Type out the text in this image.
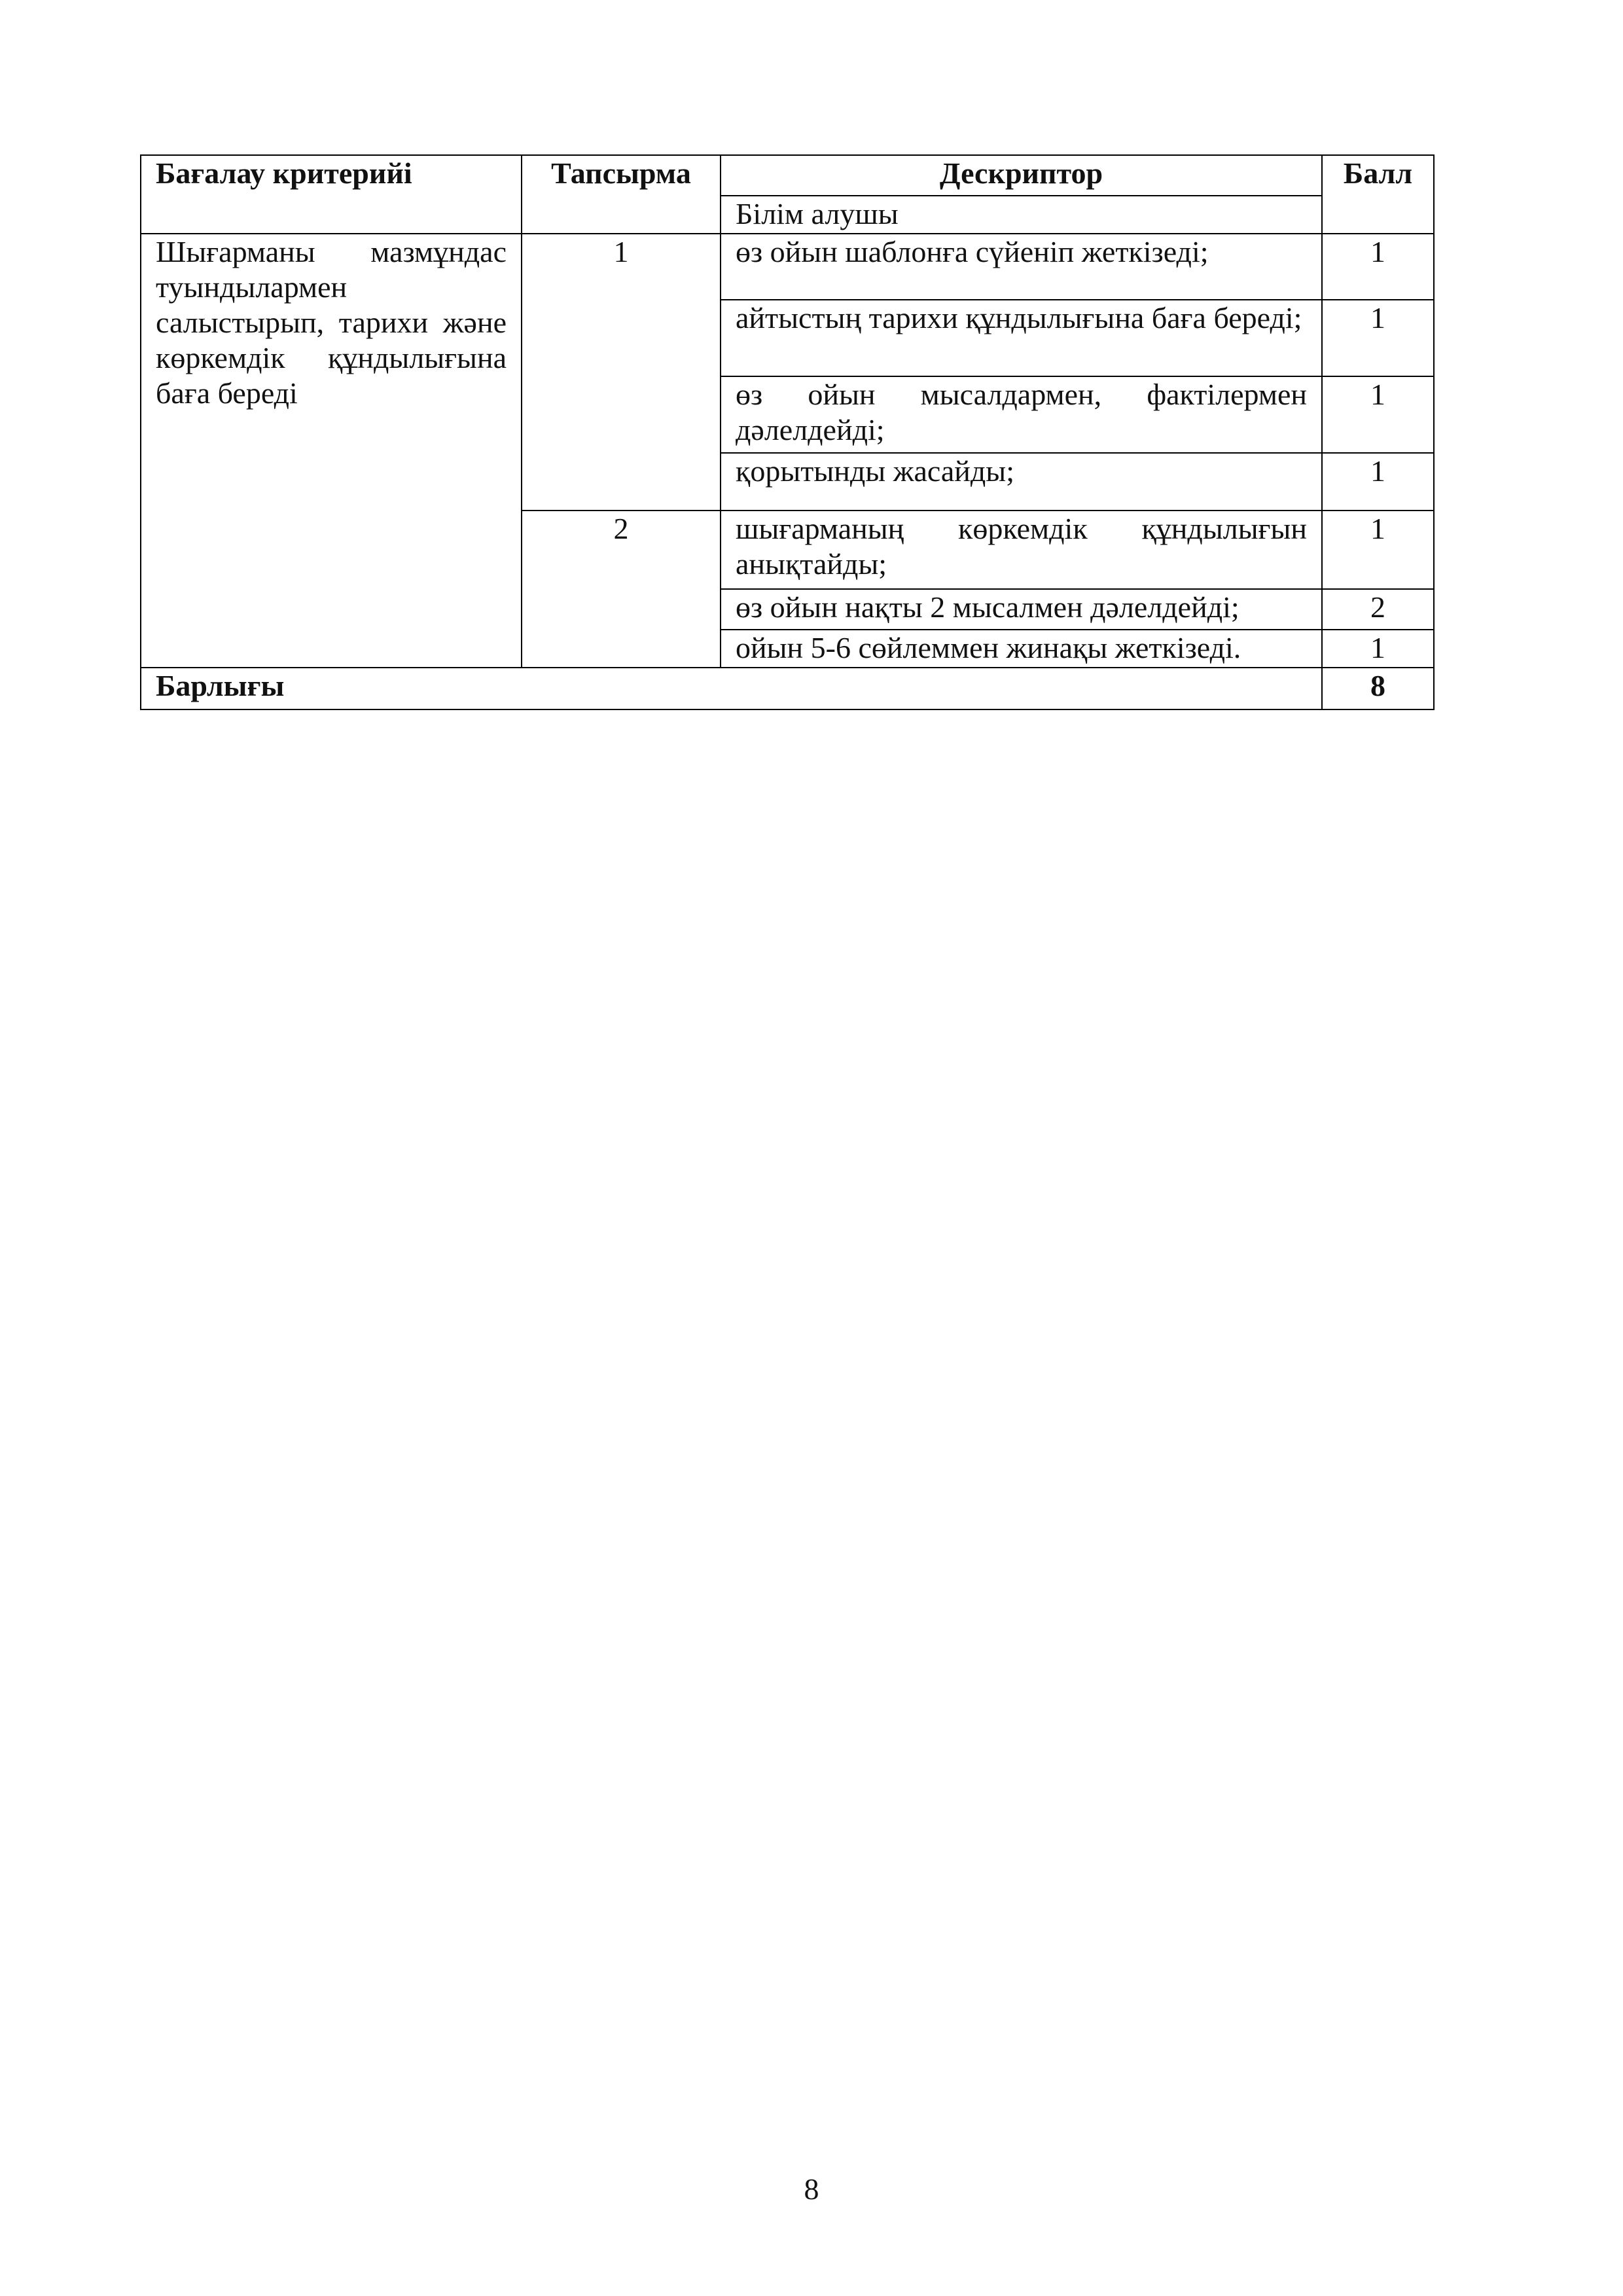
Бағалау критерийі	Тапсырма	Дескриптор	Балл
		Білім алушы	
Шығарманы мазмұндас туындылармен салыстырып, тарихи және көркемдік құндылығына баға береді	1	өз ойын шаблонға сүйеніп жеткізеді;	1
		айтыстың тарихи құндылығына баға береді;	1
		өз ойын мысалдармен, фактілермен дәлелдейді;	1
		қорытынды жасайды;	1
	2	шығарманың көркемдік құндылығын анықтайды;	1
		өз ойын нақты 2 мысалмен дәлелдейді;	2
		ойын 5-6 сөйлеммен жинақы жеткізеді.	1
Барлығы			8
8
